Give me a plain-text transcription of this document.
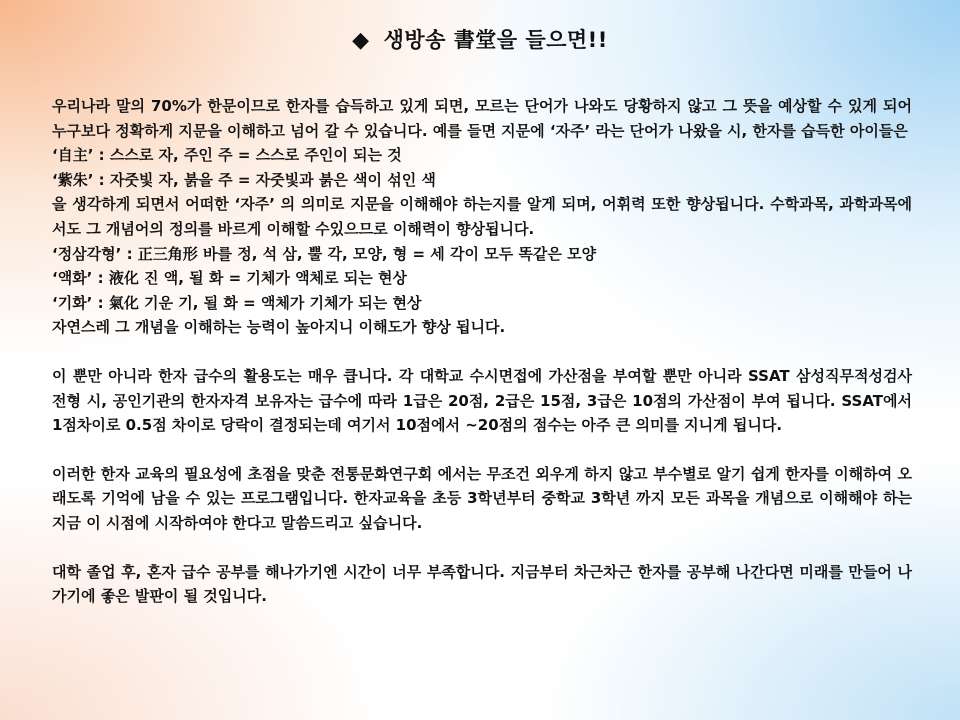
◆ 생방송 書堂을 들으면!!

우리나라 말의 70%가 한문이므로 한자를 습득하고 있게 되면, 모르는 단어가 나와도 당황하지 않고 그 뜻을 예상할 수 있게 되어 누구보다 정확하게 지문을 이해하고 넘어 갈 수 있습니다. 예를 들면 지문에 ‘자주’ 라는 단어가 나왔을 시, 한자를 습득한 아이들은

‘自主’ : 스스로 자, 주인 주 = 스스로 주인이 되는 것

‘紫朱’ : 자줏빛 자, 붉을 주 = 자줏빛과 붉은 색이 섞인 색

을 생각하게 되면서 어떠한 ‘자주’ 의 의미로 지문을 이해해야 하는지를 알게 되며, 어휘력 또한 향상됩니다. 수학과목, 과학과목에서도 그 개념어의 정의를 바르게 이해할 수있으므로 이해력이 향상됩니다.

‘정삼각형’ : 正三角形 바를 정, 석 삼, 뿔 각, 모양, 형 = 세 각이 모두 똑같은 모양

‘액화’ : 液化 진 액, 될 화 = 기체가 액체로 되는 현상

‘기화’ : 氣化 기운 기, 될 화 = 액체가 기체가 되는 현상

자연스레 그 개념을 이해하는 능력이 높아지니 이해도가 향상 됩니다.

이 뿐만 아니라 한자 급수의 활용도는 매우 큽니다. 각 대학교 수시면접에 가산점을 부여할 뿐만 아니라 SSAT 삼성직무적성검사 전형 시, 공인기관의 한자자격 보유자는 급수에 따라 1급은 20점, 2급은 15점, 3급은 10점의 가산점이 부여 됩니다. SSAT에서 1점차이로 0.5점 차이로 당락이 결정되는데 여기서 10점에서 ~20점의 점수는 아주 큰 의미를 지니게 됩니다.

이러한 한자 교육의 필요성에 초점을 맞춘 전통문화연구회 에서는 무조건 외우게 하지 않고 부수별로 알기 쉽게 한자를 이해하여 오래도록 기억에 남을 수 있는 프로그램입니다. 한자교육을 초등 3학년부터 중학교 3학년 까지 모든 과목을 개념으로 이해해야 하는 지금 이 시점에 시작하여야 한다고 말씀드리고 싶습니다.

대학 졸업 후, 혼자 급수 공부를 해나가기엔 시간이 너무 부족합니다. 지금부터 차근차근 한자를 공부해 나간다면 미래를 만들어 나가기에 좋은 발판이 될 것입니다.
